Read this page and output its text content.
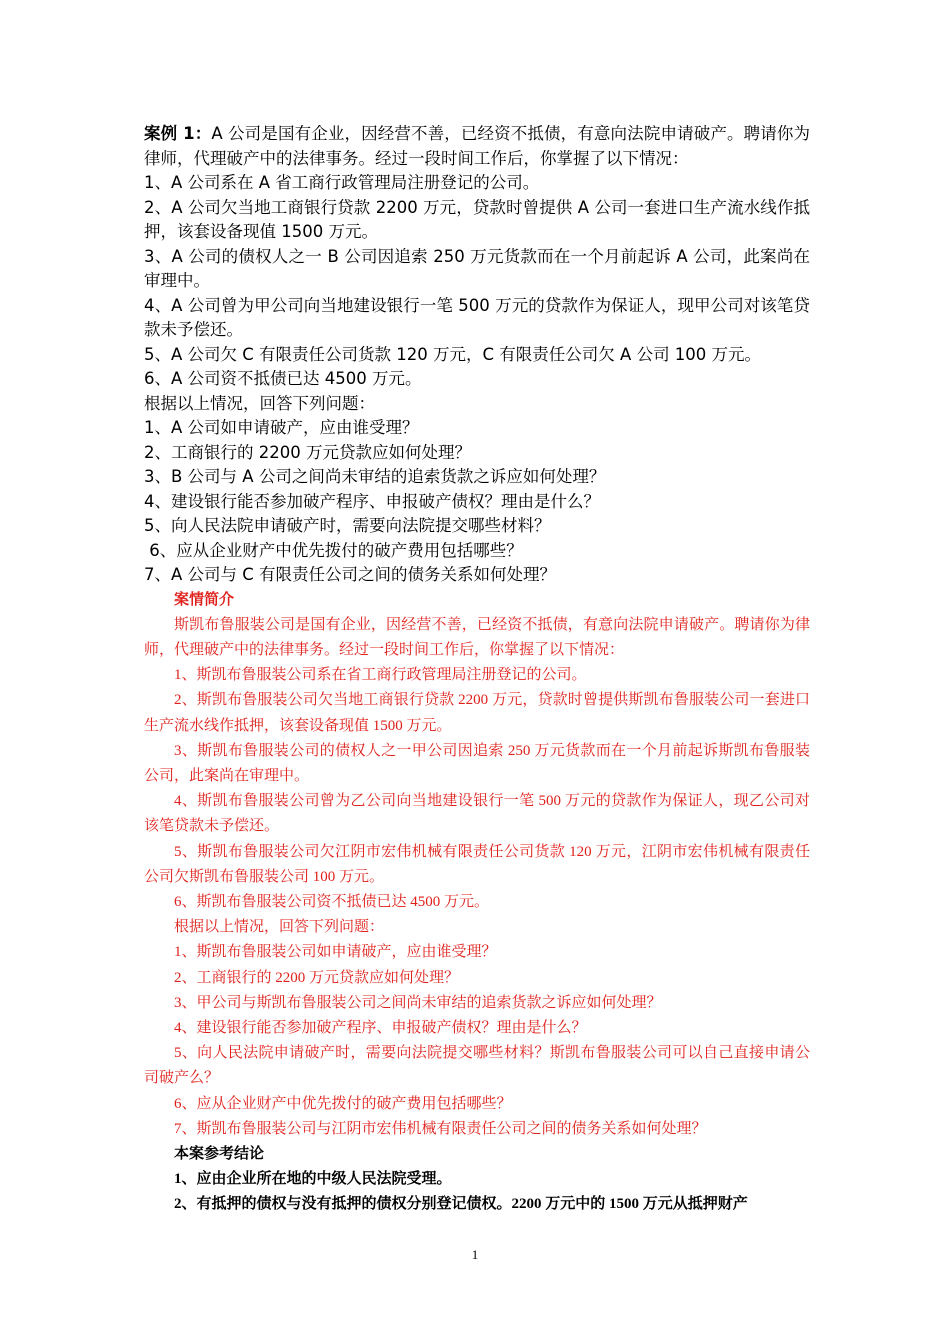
案例 1：A 公司是国有企业，因经营不善，已经资不抵债，有意向法院申请破产。聘请你为律师，代理破产中的法律事务。经过一段时间工作后，你掌握了以下情况：

1、A 公司系在 A 省工商行政管理局注册登记的公司。

2、A 公司欠当地工商银行贷款 2200 万元，贷款时曾提供 A 公司一套进口生产流水线作抵押，该套设备现值 1500 万元。

3、A 公司的债权人之一 B 公司因追索 250 万元货款而在一个月前起诉 A 公司，此案尚在审理中。

4、A 公司曾为甲公司向当地建设银行一笔 500 万元的贷款作为保证人，现甲公司对该笔贷款未予偿还。

5、A 公司欠 C 有限责任公司货款 120 万元，C 有限责任公司欠 A 公司 100 万元。

6、A 公司资不抵债已达 4500 万元。

根据以上情况，回答下列问题：

1、A 公司如申请破产，应由谁受理？

2、工商银行的 2200 万元贷款应如何处理？

3、B 公司与 A 公司之间尚未审结的追索货款之诉应如何处理？

4、建设银行能否参加破产程序、申报破产债权？理由是什么？

5、向人民法院申请破产时，需要向法院提交哪些材料？

6、应从企业财产中优先拨付的破产费用包括哪些？

7、A 公司与 C 有限责任公司之间的债务关系如何处理？

案情简介

斯凯布鲁服装公司是国有企业，因经营不善，已经资不抵债，有意向法院申请破产。聘请你为律师，代理破产中的法律事务。经过一段时间工作后，你掌握了以下情况：

1、斯凯布鲁服装公司系在省工商行政管理局注册登记的公司。

2、斯凯布鲁服装公司欠当地工商银行贷款 2200 万元，贷款时曾提供斯凯布鲁服装公司一套进口生产流水线作抵押，该套设备现值 1500 万元。

3、斯凯布鲁服装公司的债权人之一甲公司因追索 250 万元货款而在一个月前起诉斯凯布鲁服装公司，此案尚在审理中。

4、斯凯布鲁服装公司曾为乙公司向当地建设银行一笔 500 万元的贷款作为保证人，现乙公司对该笔贷款未予偿还。

5、斯凯布鲁服装公司欠江阴市宏伟机械有限责任公司货款 120 万元，江阴市宏伟机械有限责任公司欠斯凯布鲁服装公司 100 万元。

6、斯凯布鲁服装公司资不抵债已达 4500 万元。

根据以上情况，回答下列问题：

1、斯凯布鲁服装公司如申请破产，应由谁受理？

2、工商银行的 2200 万元贷款应如何处理？

3、甲公司与斯凯布鲁服装公司之间尚未审结的追索货款之诉应如何处理？

4、建设银行能否参加破产程序、申报破产债权？理由是什么？

5、向人民法院申请破产时，需要向法院提交哪些材料？斯凯布鲁服装公司可以自己直接申请公司破产么？

6、应从企业财产中优先拨付的破产费用包括哪些？

7、斯凯布鲁服装公司与江阴市宏伟机械有限责任公司之间的债务关系如何处理？

本案参考结论

1、应由企业所在地的中级人民法院受理。

2、有抵押的债权与没有抵押的债权分别登记债权。2200 万元中的 1500 万元从抵押财产

1
